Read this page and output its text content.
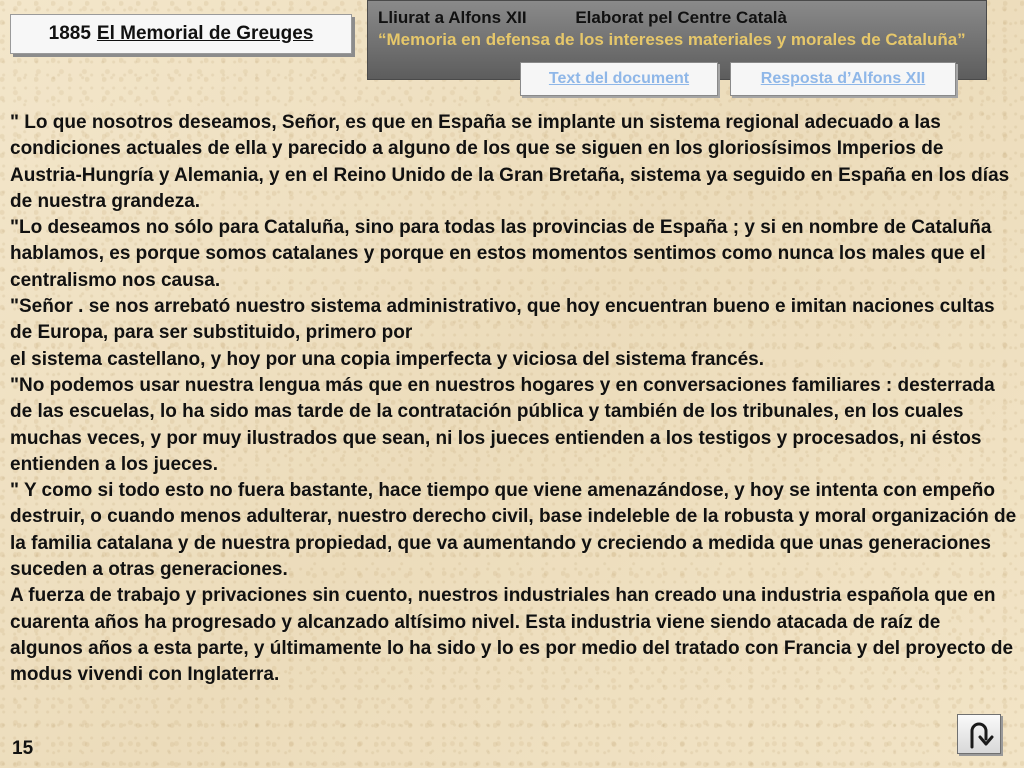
1885 El Memorial de Greuges
Lliurat a Alfons XII	Elaborat pel Centre Català
“Memoria en defensa de los intereses materiales y morales de Cataluña”
Text del document	Resposta d’Alfons XII

" Lo que nosotros deseamos, Señor, es que en España se implante un sistema regional adecuado a las condiciones actuales de ella y parecido a alguno de los que se siguen en los gloriosísimos Imperios de Austria-Hungría y Alemania, y en el Reino Unido de la Gran Bretaña, sistema ya seguido en España en los días de nuestra grandeza.

"Lo deseamos no sólo para Cataluña, sino para todas las provincias de España ; y si en nombre de Cataluña hablamos, es porque somos catalanes y porque en estos momentos sentimos como nunca los males que el centralismo nos causa.

"Señor . se nos arrebató nuestro sistema administrativo, que hoy encuentran bueno e imitan naciones cultas de Europa, para ser substituido, primero por

el sistema castellano, y hoy por una copia imperfecta y viciosa del sistema francés.

"No podemos usar nuestra lengua más que en nuestros hogares y en conversaciones familiares : desterrada de las escuelas, lo ha sido mas tarde de la contratación pública y también de los tribunales, en los cuales muchas veces, y por muy ilustrados que sean, ni los jueces entienden a los testigos y procesados, ni éstos entienden a los jueces.

" Y como si todo esto no fuera bastante, hace tiempo que viene amenazándose, y hoy se intenta con empeño destruir, o cuando menos adulterar, nuestro derecho civil, base indeleble de la robusta y moral organización de la familia catalana y de nuestra propiedad, que va aumentando y creciendo a medida que unas generaciones suceden a otras generaciones.

A fuerza de trabajo y privaciones sin cuento, nuestros industriales han creado una industria española que en cuarenta años ha progresado y alcanzado altísimo nivel. Esta industria viene siendo atacada de raíz de algunos años a esta parte, y últimamente lo ha sido y lo es por medio del tratado con Francia y del proyecto de modus vivendi con Inglaterra.

15
